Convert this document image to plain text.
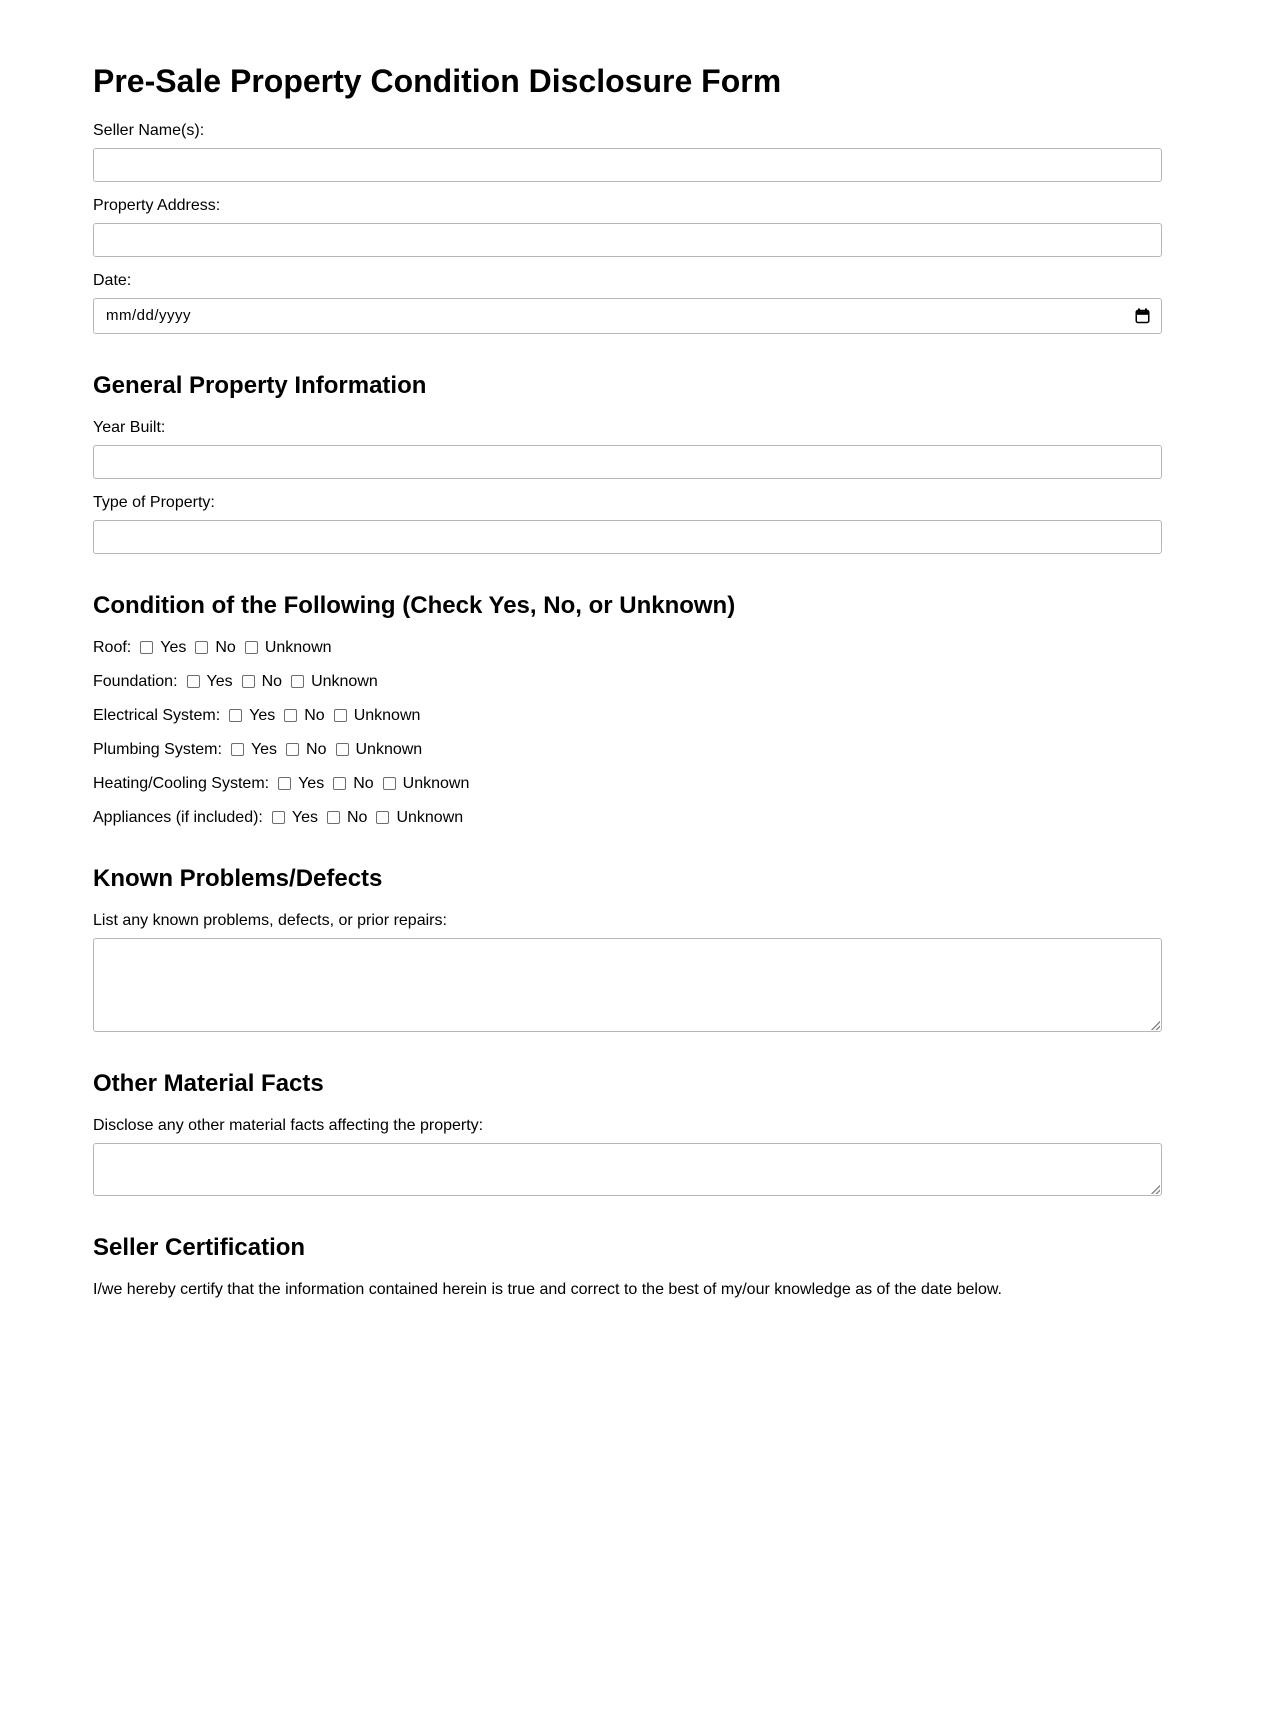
Pre-Sale Property Condition Disclosure Form
Seller Name(s):
Property Address:
Date:
mm/dd/yyyy
General Property Information
Year Built:
Type of Property:
Condition of the Following (Check Yes, No, or Unknown)

Roof: Yes No Unknown

Foundation: Yes No Unknown

Electrical System: Yes No Unknown

Plumbing System: Yes No Unknown

Heating/Cooling System: Yes No Unknown

Appliances (if included): Yes No Unknown

Known Problems/Defects
List any known problems, defects, or prior repairs:
Other Material Facts
Disclose any other material facts affecting the property:
Seller Certification

I/we hereby certify that the information contained herein is true and correct to the best of my/our knowledge as of the date below.
